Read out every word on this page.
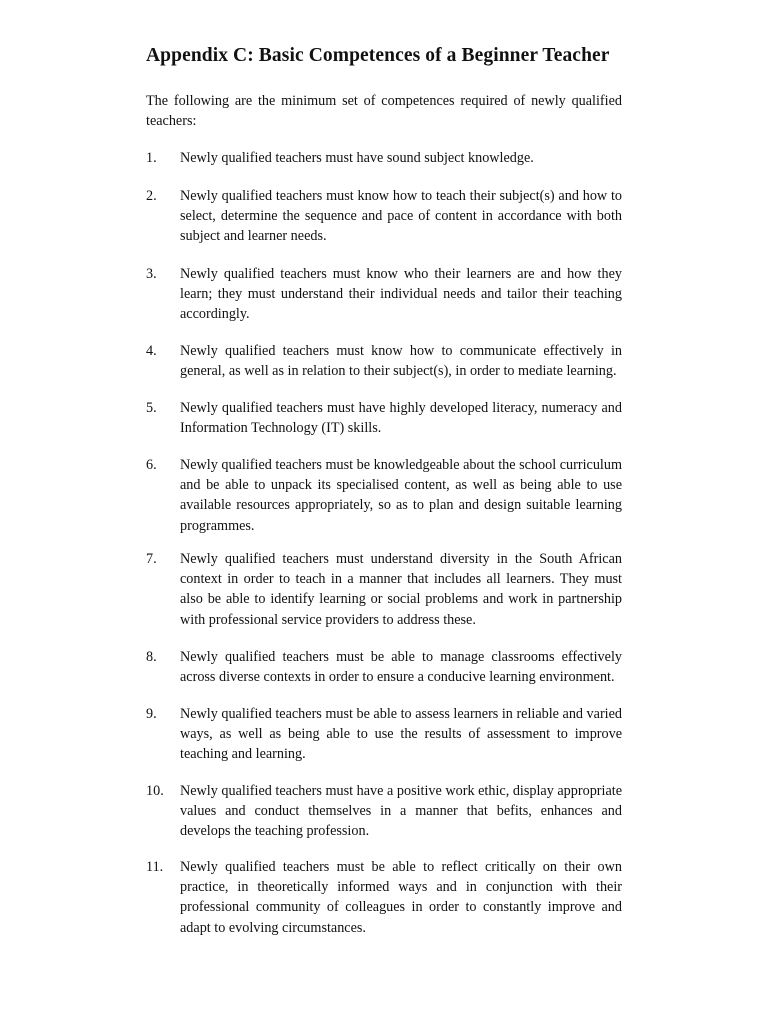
Appendix C: Basic Competences of a Beginner Teacher
The following are the minimum set of competences required of newly qualified teachers:
1.	Newly qualified teachers must have sound subject knowledge.
2.	Newly qualified teachers must know how to teach their subject(s) and how to select, determine the sequence and pace of content in accordance with both subject and learner needs.
3.	Newly qualified teachers must know who their learners are and how they learn; they must understand their individual needs and tailor their teaching accordingly.
4.	Newly qualified teachers must know how to communicate effectively in general, as well as in relation to their subject(s), in order to mediate learning.
5.	Newly qualified teachers must have highly developed literacy, numeracy and Information Technology (IT) skills.
6.	Newly qualified teachers must be knowledgeable about the school curriculum and be able to unpack its specialised content, as well as being able to use available resources appropriately, so as to plan and design suitable learning programmes.
7.	Newly qualified teachers must understand diversity in the South African context in order to teach in a manner that includes all learners. They must also be able to identify learning or social problems and work in partnership with professional service providers to address these.
8.	Newly qualified teachers must be able to manage classrooms effectively across diverse contexts in order to ensure a conducive learning environment.
9.	Newly qualified teachers must be able to assess learners in reliable and varied ways, as well as being able to use the results of assessment to improve teaching and learning.
10.	Newly qualified teachers must have a positive work ethic, display appropriate values and conduct themselves in a manner that befits, enhances and develops the teaching profession.
11.	Newly qualified teachers must be able to reflect critically on their own practice, in theoretically informed ways and in conjunction with their professional community of colleagues in order to constantly improve and adapt to evolving circumstances.
